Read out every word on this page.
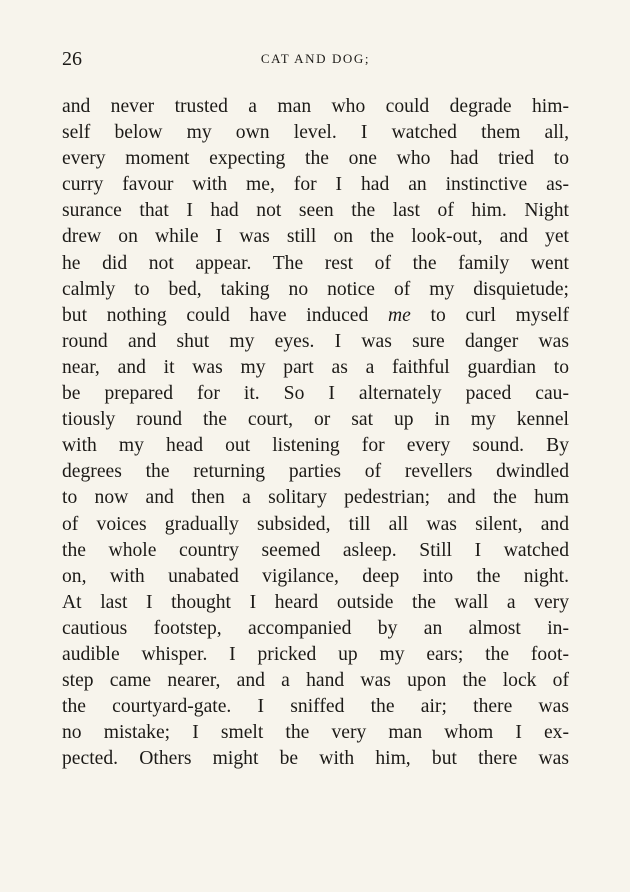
26	CAT AND DOG;
and never trusted a man who could degrade him-
self below my own level. I watched them all,
every moment expecting the one who had tried to
curry favour with me, for I had an instinctive as-
surance that I had not seen the last of him. Night
drew on while I was still on the look-out, and yet
he did not appear. The rest of the family went
calmly to bed, taking no notice of my disquietude;
but nothing could have induced me to curl myself
round and shut my eyes. I was sure danger was
near, and it was my part as a faithful guardian to
be prepared for it. So I alternately paced cau-
tiously round the court, or sat up in my kennel
with my head out listening for every sound. By
degrees the returning parties of revellers dwindled
to now and then a solitary pedestrian; and the hum
of voices gradually subsided, till all was silent, and
the whole country seemed asleep. Still I watched
on, with unabated vigilance, deep into the night.
At last I thought I heard outside the wall a very
cautious footstep, accompanied by an almost in-
audible whisper. I pricked up my ears; the foot-
step came nearer, and a hand was upon the lock of
the courtyard-gate. I sniffed the air; there was
no mistake; I smelt the very man whom I ex-
pected. Others might be with him, but there was
